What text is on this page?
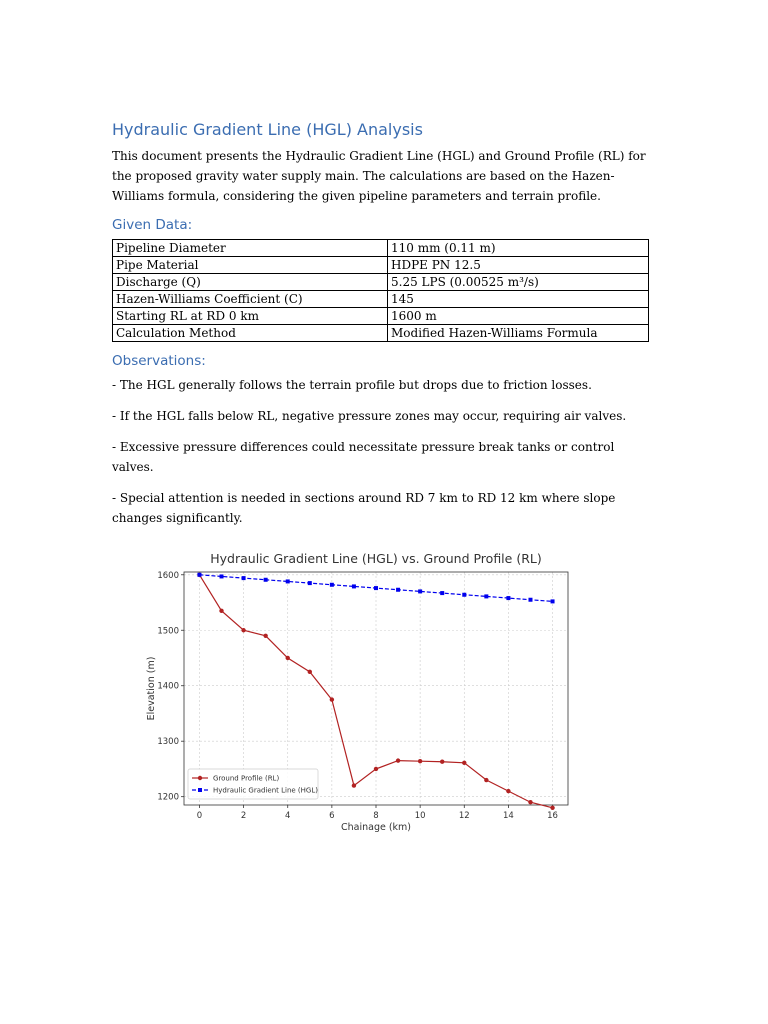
Hydraulic Gradient Line (HGL) Analysis

This document presents the Hydraulic Gradient Line (HGL) and Ground Profile (RL) for the proposed gravity water supply main. The calculations are based on the Hazen-Williams formula, considering the given pipeline parameters and terrain profile.

Given Data:
Pipeline Diameter	110 mm (0.11 m)
Pipe Material	HDPE PN 12.5
Discharge (Q)	5.25 LPS (0.00525 m³/s)
Hazen-Williams Coefficient (C)	145
Starting RL at RD 0 km	1600 m
Calculation Method	Modified Hazen-Williams Formula
Observations:

- The HGL generally follows the terrain profile but drops due to friction losses.

- If the HGL falls below RL, negative pressure zones may occur, requiring air valves.

- Excessive pressure differences could necessitate pressure break tanks or control valves.

- Special attention is needed in sections around RD 7 km to RD 12 km where slope changes significantly.

Hydraulic Gradient Line (HGL) vs. Ground Profile (RL)
Chainage (km)
Elevation (m)
0	2	4	6	8	10	12	14	16
1200
1300
1400
1500
1600
Ground Profile (RL)
Hydraulic Gradient Line (HGL)
